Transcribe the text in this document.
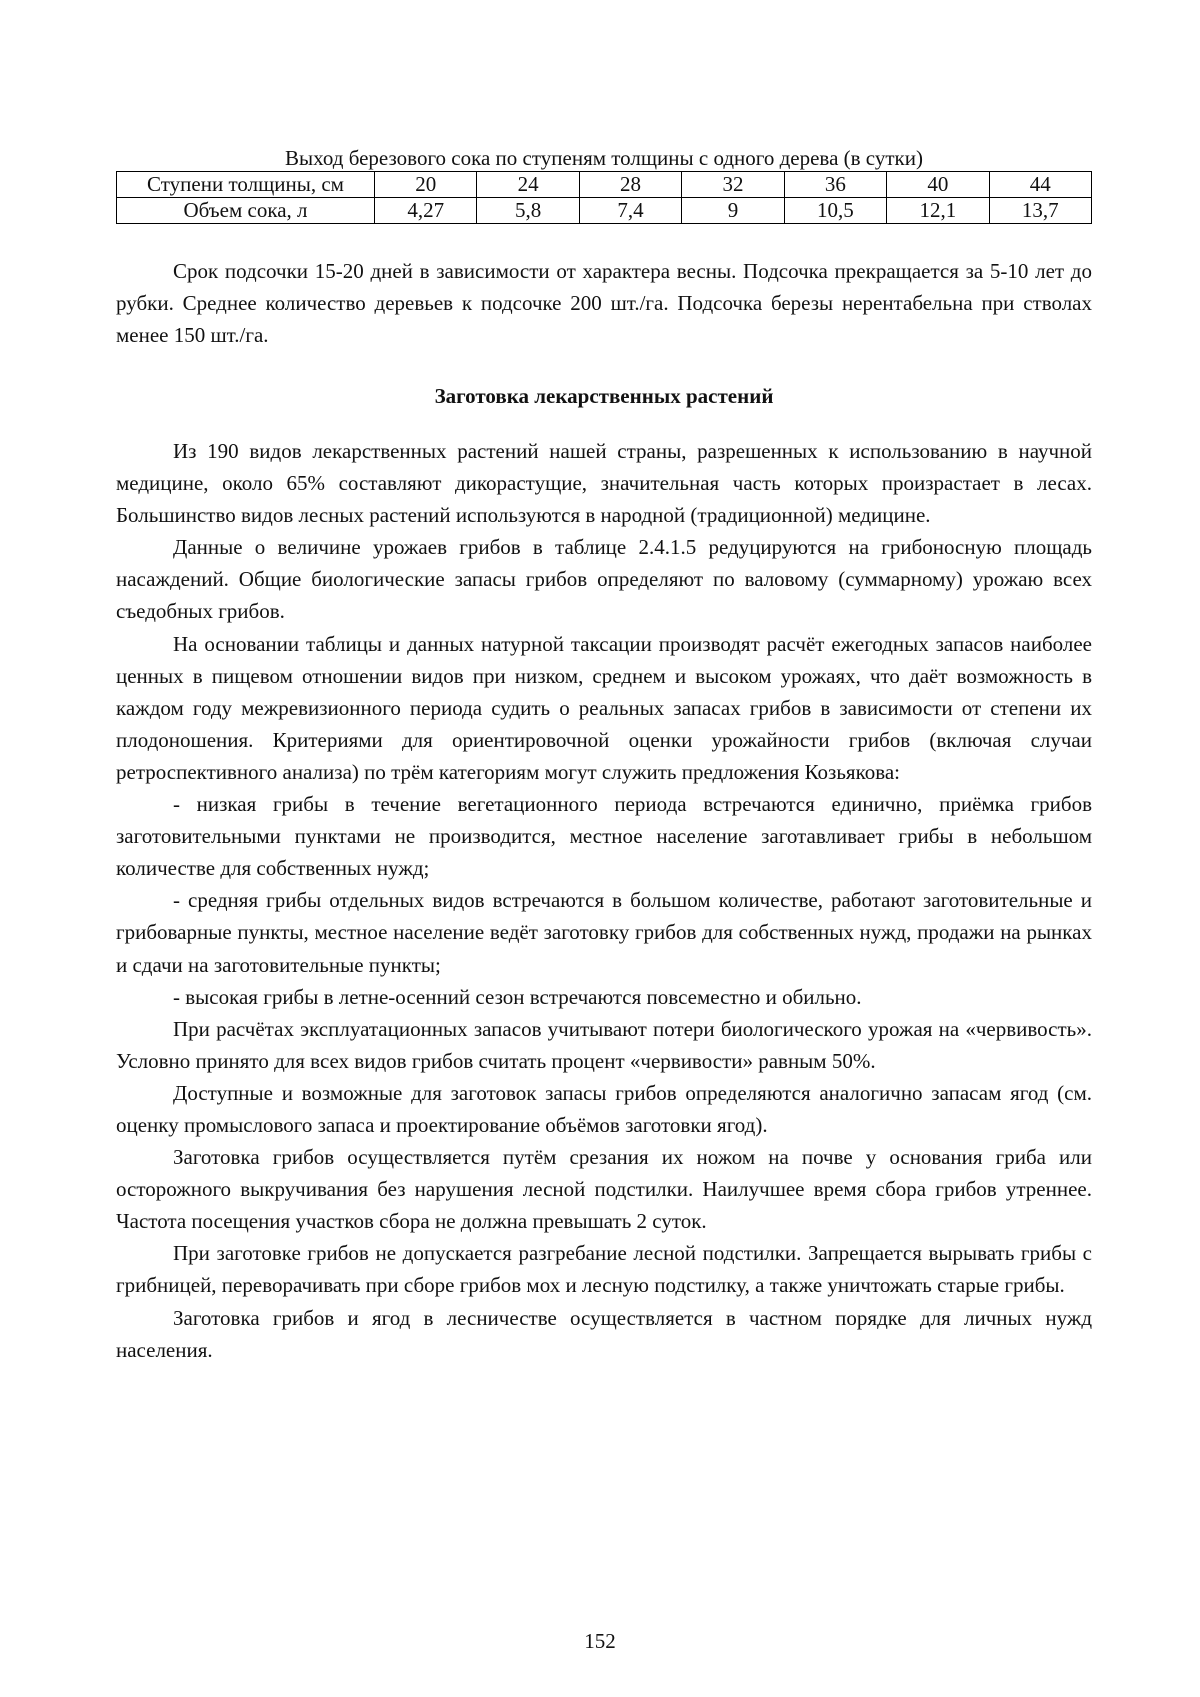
Выход березового сока по ступеням толщины с одного дерева (в сутки)
Ступени толщины, см	20	24	28	32	36	40	44
Объем сока, л	4,27	5,8	7,4	9	10,5	12,1	13,7

Срок подсочки 15-20 дней в зависимости от характера весны. Подсочка прекращается за 5-10 лет до рубки. Среднее количество деревьев к подсочке 200 шт./га. Подсочка березы нерентабельна при стволах менее 150 шт./га.

Заготовка лекарственных растений

Из 190 видов лекарственных растений нашей страны, разрешенных к использованию в научной медицине, около 65% составляют дикорастущие, значительная часть которых произрастает в лесах. Большинство видов лесных растений используются в народной (традиционной) медицине.

Данные о величине урожаев грибов в таблице 2.4.1.5 редуцируются на грибоносную площадь насаждений. Общие биологические запасы грибов определяют по валовому (суммарному) урожаю всех съедобных грибов.

На основании таблицы и данных натурной таксации производят расчёт ежегодных запасов наиболее ценных в пищевом отношении видов при низком, среднем и высоком урожаях, что даёт возможность в каждом году межревизионного периода судить о реальных запасах грибов в зависимости от степени их плодоношения. Критериями для ориентировочной оценки урожайности грибов (включая случаи ретроспективного анализа) по трём категориям могут служить предложения Козьякова:

- низкая грибы в течение вегетационного периода встречаются единично, приёмка грибов заготовительными пунктами не производится, местное население заготавливает грибы в небольшом количестве для собственных нужд;

- средняя грибы отдельных видов встречаются в большом количестве, работают заготовительные и грибоварные пункты, местное население ведёт заготовку грибов для собственных нужд, продажи на рынках и сдачи на заготовительные пункты;

- высокая грибы в летне-осенний сезон встречаются повсеместно и обильно.

При расчётах эксплуатационных запасов учитывают потери биологического урожая на «червивость». Условно принято для всех видов грибов считать процент «червивости» равным 50%.

Доступные и возможные для заготовок запасы грибов определяются аналогично запасам ягод (см. оценку промыслового запаса и проектирование объёмов заготовки ягод).

Заготовка грибов осуществляется путём срезания их ножом на почве у основания гриба или осторожного выкручивания без нарушения лесной подстилки. Наилучшее время сбора грибов утреннее. Частота посещения участков сбора не должна превышать 2 суток.

При заготовке грибов не допускается разгребание лесной подстилки. Запрещается вырывать грибы с грибницей, переворачивать при сборе грибов мох и лесную подстилку, а также уничтожать старые грибы.

Заготовка грибов и ягод в лесничестве осуществляется в частном порядке для личных нужд населения.

152
